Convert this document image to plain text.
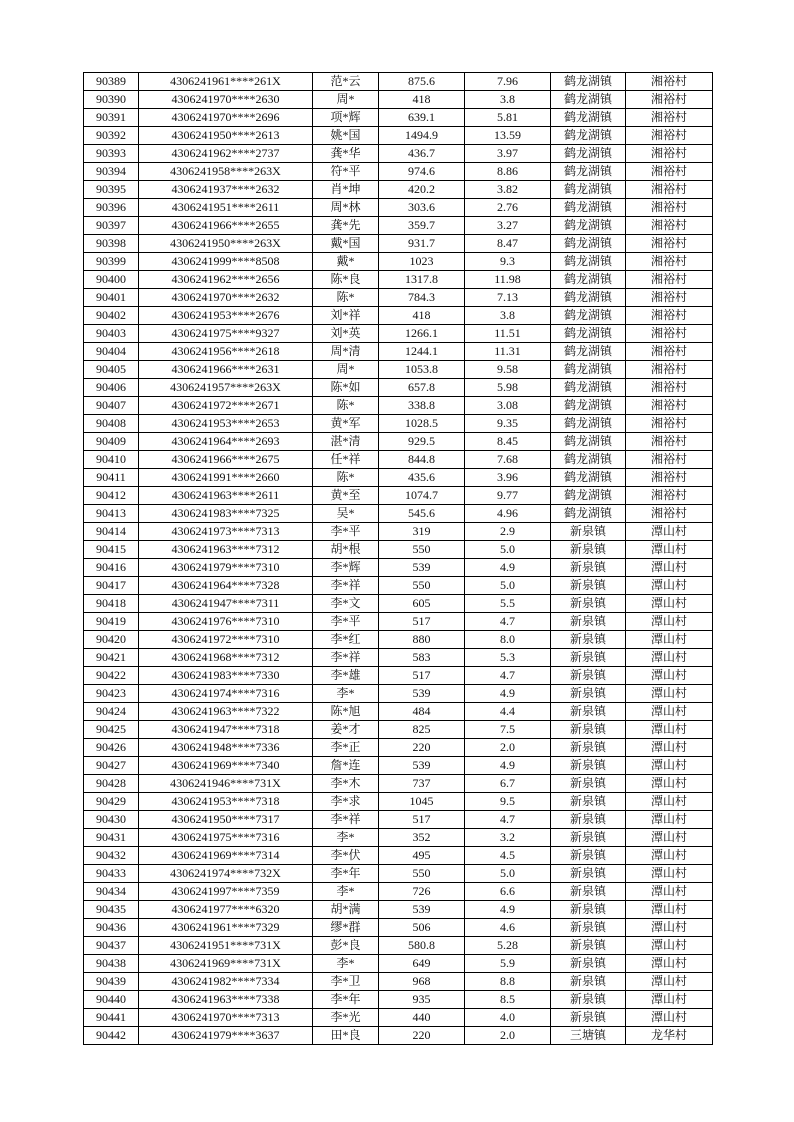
90389	4306241961****261X	范*云	875.6	7.96	鹤龙湖镇	湘裕村
90390	4306241970****2630	周*	418	3.8	鹤龙湖镇	湘裕村
90391	4306241970****2696	项*辉	639.1	5.81	鹤龙湖镇	湘裕村
90392	4306241950****2613	姚*国	1494.9	13.59	鹤龙湖镇	湘裕村
90393	4306241962****2737	龚*华	436.7	3.97	鹤龙湖镇	湘裕村
90394	4306241958****263X	符*平	974.6	8.86	鹤龙湖镇	湘裕村
90395	4306241937****2632	肖*坤	420.2	3.82	鹤龙湖镇	湘裕村
90396	4306241951****2611	周*林	303.6	2.76	鹤龙湖镇	湘裕村
90397	4306241966****2655	龚*先	359.7	3.27	鹤龙湖镇	湘裕村
90398	4306241950****263X	戴*国	931.7	8.47	鹤龙湖镇	湘裕村
90399	4306241999****8508	戴*	1023	9.3	鹤龙湖镇	湘裕村
90400	4306241962****2656	陈*良	1317.8	11.98	鹤龙湖镇	湘裕村
90401	4306241970****2632	陈*	784.3	7.13	鹤龙湖镇	湘裕村
90402	4306241953****2676	刘*祥	418	3.8	鹤龙湖镇	湘裕村
90403	4306241975****9327	刘*英	1266.1	11.51	鹤龙湖镇	湘裕村
90404	4306241956****2618	周*清	1244.1	11.31	鹤龙湖镇	湘裕村
90405	4306241966****2631	周*	1053.8	9.58	鹤龙湖镇	湘裕村
90406	4306241957****263X	陈*如	657.8	5.98	鹤龙湖镇	湘裕村
90407	4306241972****2671	陈*	338.8	3.08	鹤龙湖镇	湘裕村
90408	4306241953****2653	黄*军	1028.5	9.35	鹤龙湖镇	湘裕村
90409	4306241964****2693	湛*清	929.5	8.45	鹤龙湖镇	湘裕村
90410	4306241966****2675	任*祥	844.8	7.68	鹤龙湖镇	湘裕村
90411	4306241991****2660	陈*	435.6	3.96	鹤龙湖镇	湘裕村
90412	4306241963****2611	黄*至	1074.7	9.77	鹤龙湖镇	湘裕村
90413	4306241983****7325	吴*	545.6	4.96	鹤龙湖镇	湘裕村
90414	4306241973****7313	李*平	319	2.9	新泉镇	潭山村
90415	4306241963****7312	胡*根	550	5.0	新泉镇	潭山村
90416	4306241979****7310	李*辉	539	4.9	新泉镇	潭山村
90417	4306241964****7328	李*祥	550	5.0	新泉镇	潭山村
90418	4306241947****7311	李*文	605	5.5	新泉镇	潭山村
90419	4306241976****7310	李*平	517	4.7	新泉镇	潭山村
90420	4306241972****7310	李*红	880	8.0	新泉镇	潭山村
90421	4306241968****7312	李*祥	583	5.3	新泉镇	潭山村
90422	4306241983****7330	李*雄	517	4.7	新泉镇	潭山村
90423	4306241974****7316	李*	539	4.9	新泉镇	潭山村
90424	4306241963****7322	陈*旭	484	4.4	新泉镇	潭山村
90425	4306241947****7318	姜*才	825	7.5	新泉镇	潭山村
90426	4306241948****7336	李*正	220	2.0	新泉镇	潭山村
90427	4306241969****7340	詹*连	539	4.9	新泉镇	潭山村
90428	4306241946****731X	李*木	737	6.7	新泉镇	潭山村
90429	4306241953****7318	李*求	1045	9.5	新泉镇	潭山村
90430	4306241950****7317	李*祥	517	4.7	新泉镇	潭山村
90431	4306241975****7316	李*	352	3.2	新泉镇	潭山村
90432	4306241969****7314	李*伏	495	4.5	新泉镇	潭山村
90433	4306241974****732X	李*年	550	5.0	新泉镇	潭山村
90434	4306241997****7359	李*	726	6.6	新泉镇	潭山村
90435	4306241977****6320	胡*满	539	4.9	新泉镇	潭山村
90436	4306241961****7329	缪*群	506	4.6	新泉镇	潭山村
90437	4306241951****731X	彭*良	580.8	5.28	新泉镇	潭山村
90438	4306241969****731X	李*	649	5.9	新泉镇	潭山村
90439	4306241982****7334	李*卫	968	8.8	新泉镇	潭山村
90440	4306241963****7338	李*年	935	8.5	新泉镇	潭山村
90441	4306241970****7313	李*光	440	4.0	新泉镇	潭山村
90442	4306241979****3637	田*良	220	2.0	三塘镇	龙华村
